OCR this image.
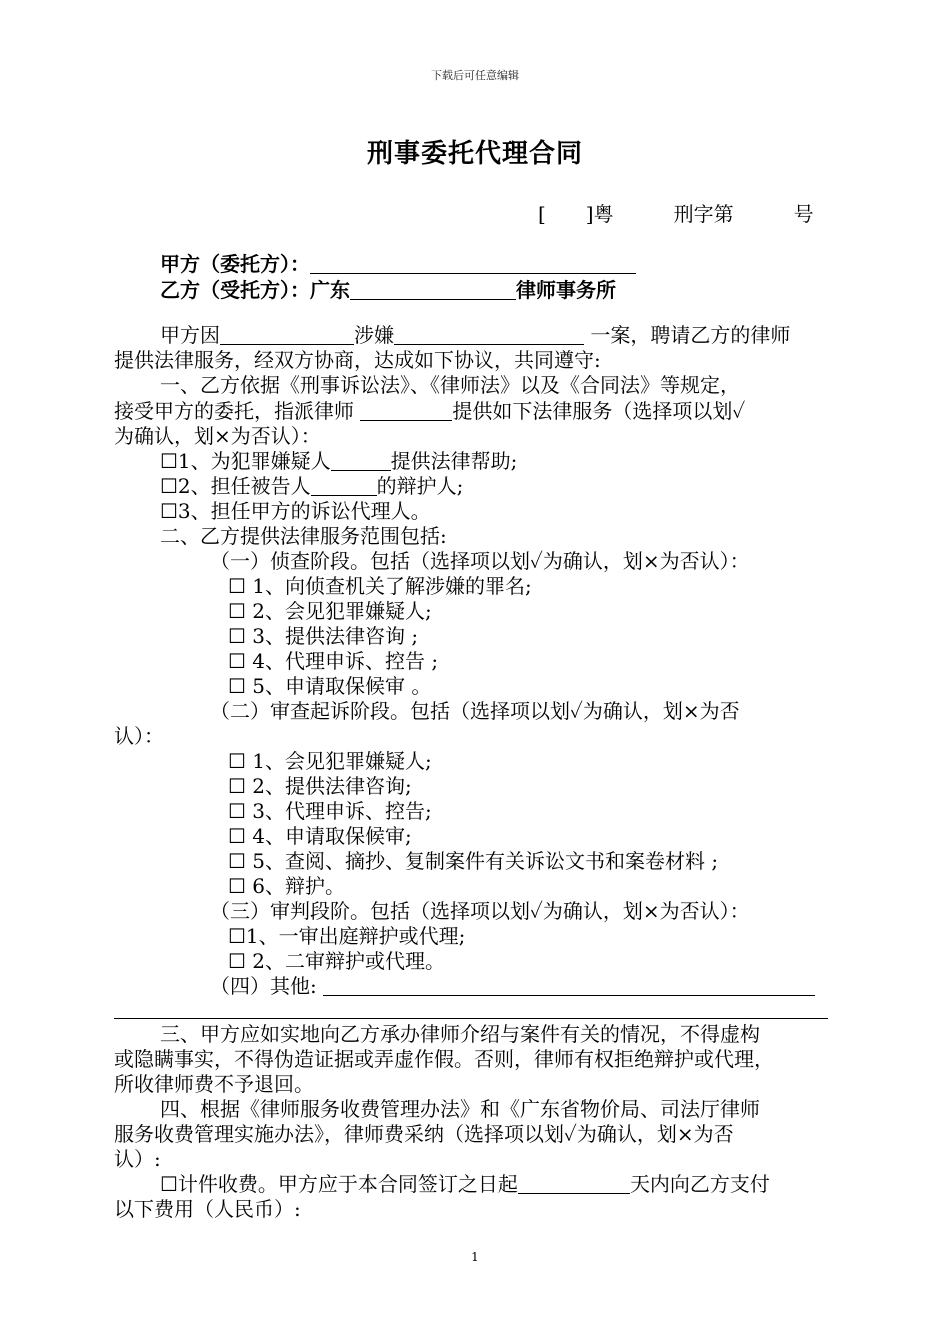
下载后可任意编辑
刑事委托代理合同
[　　]粤　　　刑字第　　　号
甲方（委托方）：
乙方（受托方）：广东	律师事务所
甲方因	涉嫌	一案，聘请乙方的律师
提供法律服务，经双方协商，达成如下协议，共同遵守:
一、乙方依据《刑事诉讼法》、《律师法》以及《合同法》等规定，
接受甲方的委托，指派律师	提供如下法律服务（选择项以划✓
为确认，划×为否认）：
☐1、为犯罪嫌疑人	提供法律帮助;
☐2、担任被告人	的辩护人;
☐3、担任甲方的诉讼代理人。
二、乙方提供法律服务范围包括:
（一）侦查阶段。包括（选择项以划✓为确认，划×为否认）：
☐ 1、向侦查机关了解涉嫌的罪名;
☐ 2、会见犯罪嫌疑人;
☐ 3、提供法律咨询 ;
☐ 4、代理申诉、控告 ;
☐ 5、申请取保候审 。
（二）审查起诉阶段。包括（选择项以划✓为确认，划×为否
认）：
☐ 1、会见犯罪嫌疑人;
☐ 2、提供法律咨询;
☐ 3、代理申诉、控告;
☐ 4、申请取保候审;
☐ 5、查阅、摘抄、复制案件有关诉讼文书和案卷材料 ;
☐ 6、辩护。
（三）审判段阶。包括（选择项以划✓为确认，划×为否认）：
☐1、一审出庭辩护或代理;
☐ 2、二审辩护或代理。
（四）其他:
三、甲方应如实地向乙方承办律师介绍与案件有关的情况，不得虚构
或隐瞒事实，不得伪造证据或弄虚作假。否则，律师有权拒绝辩护或代理，
所收律师费不予退回。
四、根据《律师服务收费管理办法》和《广东省物价局、司法厅律师
服务收费管理实施办法》，律师费采纳（选择项以划✓为确认，划×为否
认）:
☐计件收费。甲方应于本合同签订之日起	天内向乙方支付
以下费用（人民币）:
1
